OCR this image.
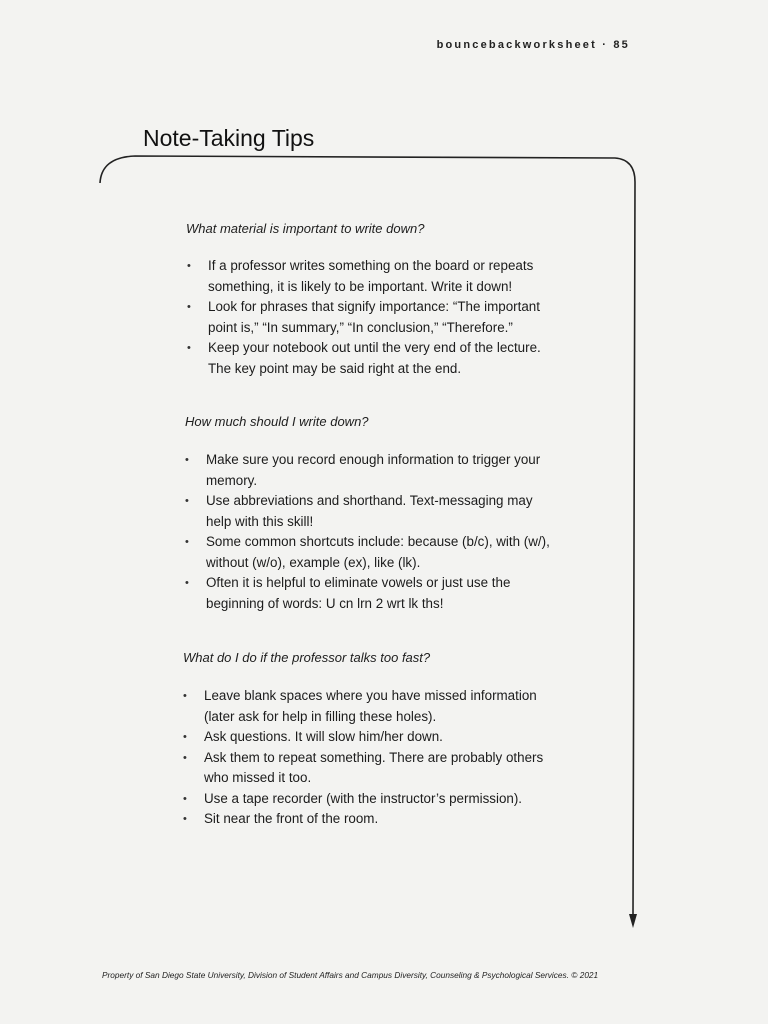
bouncebackworksheet · 85
Note-Taking Tips

What material is important to write down?

• If a professor writes something on the board or repeats something, it is likely to be important. Write it down!
• Look for phrases that signify importance: “The important point is,” “In summary,” “In conclusion,” “Therefore.”
• Keep your notebook out until the very end of the lecture. The key point may be said right at the end.

How much should I write down?

• Make sure you record enough information to trigger your memory.
• Use abbreviations and shorthand. Text-messaging may help with this skill!
• Some common shortcuts include: because (b/c), with (w/), without (w/o), example (ex), like (lk).
• Often it is helpful to eliminate vowels or just use the beginning of words: U cn lrn 2 wrt lk ths!

What do I do if the professor talks too fast?

• Leave blank spaces where you have missed information (later ask for help in filling these holes).
• Ask questions. It will slow him/her down.
• Ask them to repeat something. There are probably others who missed it too.
• Use a tape recorder (with the instructor’s permission).
• Sit near the front of the room.
Property of San Diego State University, Division of Student Affairs and Campus Diversity, Counseling & Psychological Services. © 2021
